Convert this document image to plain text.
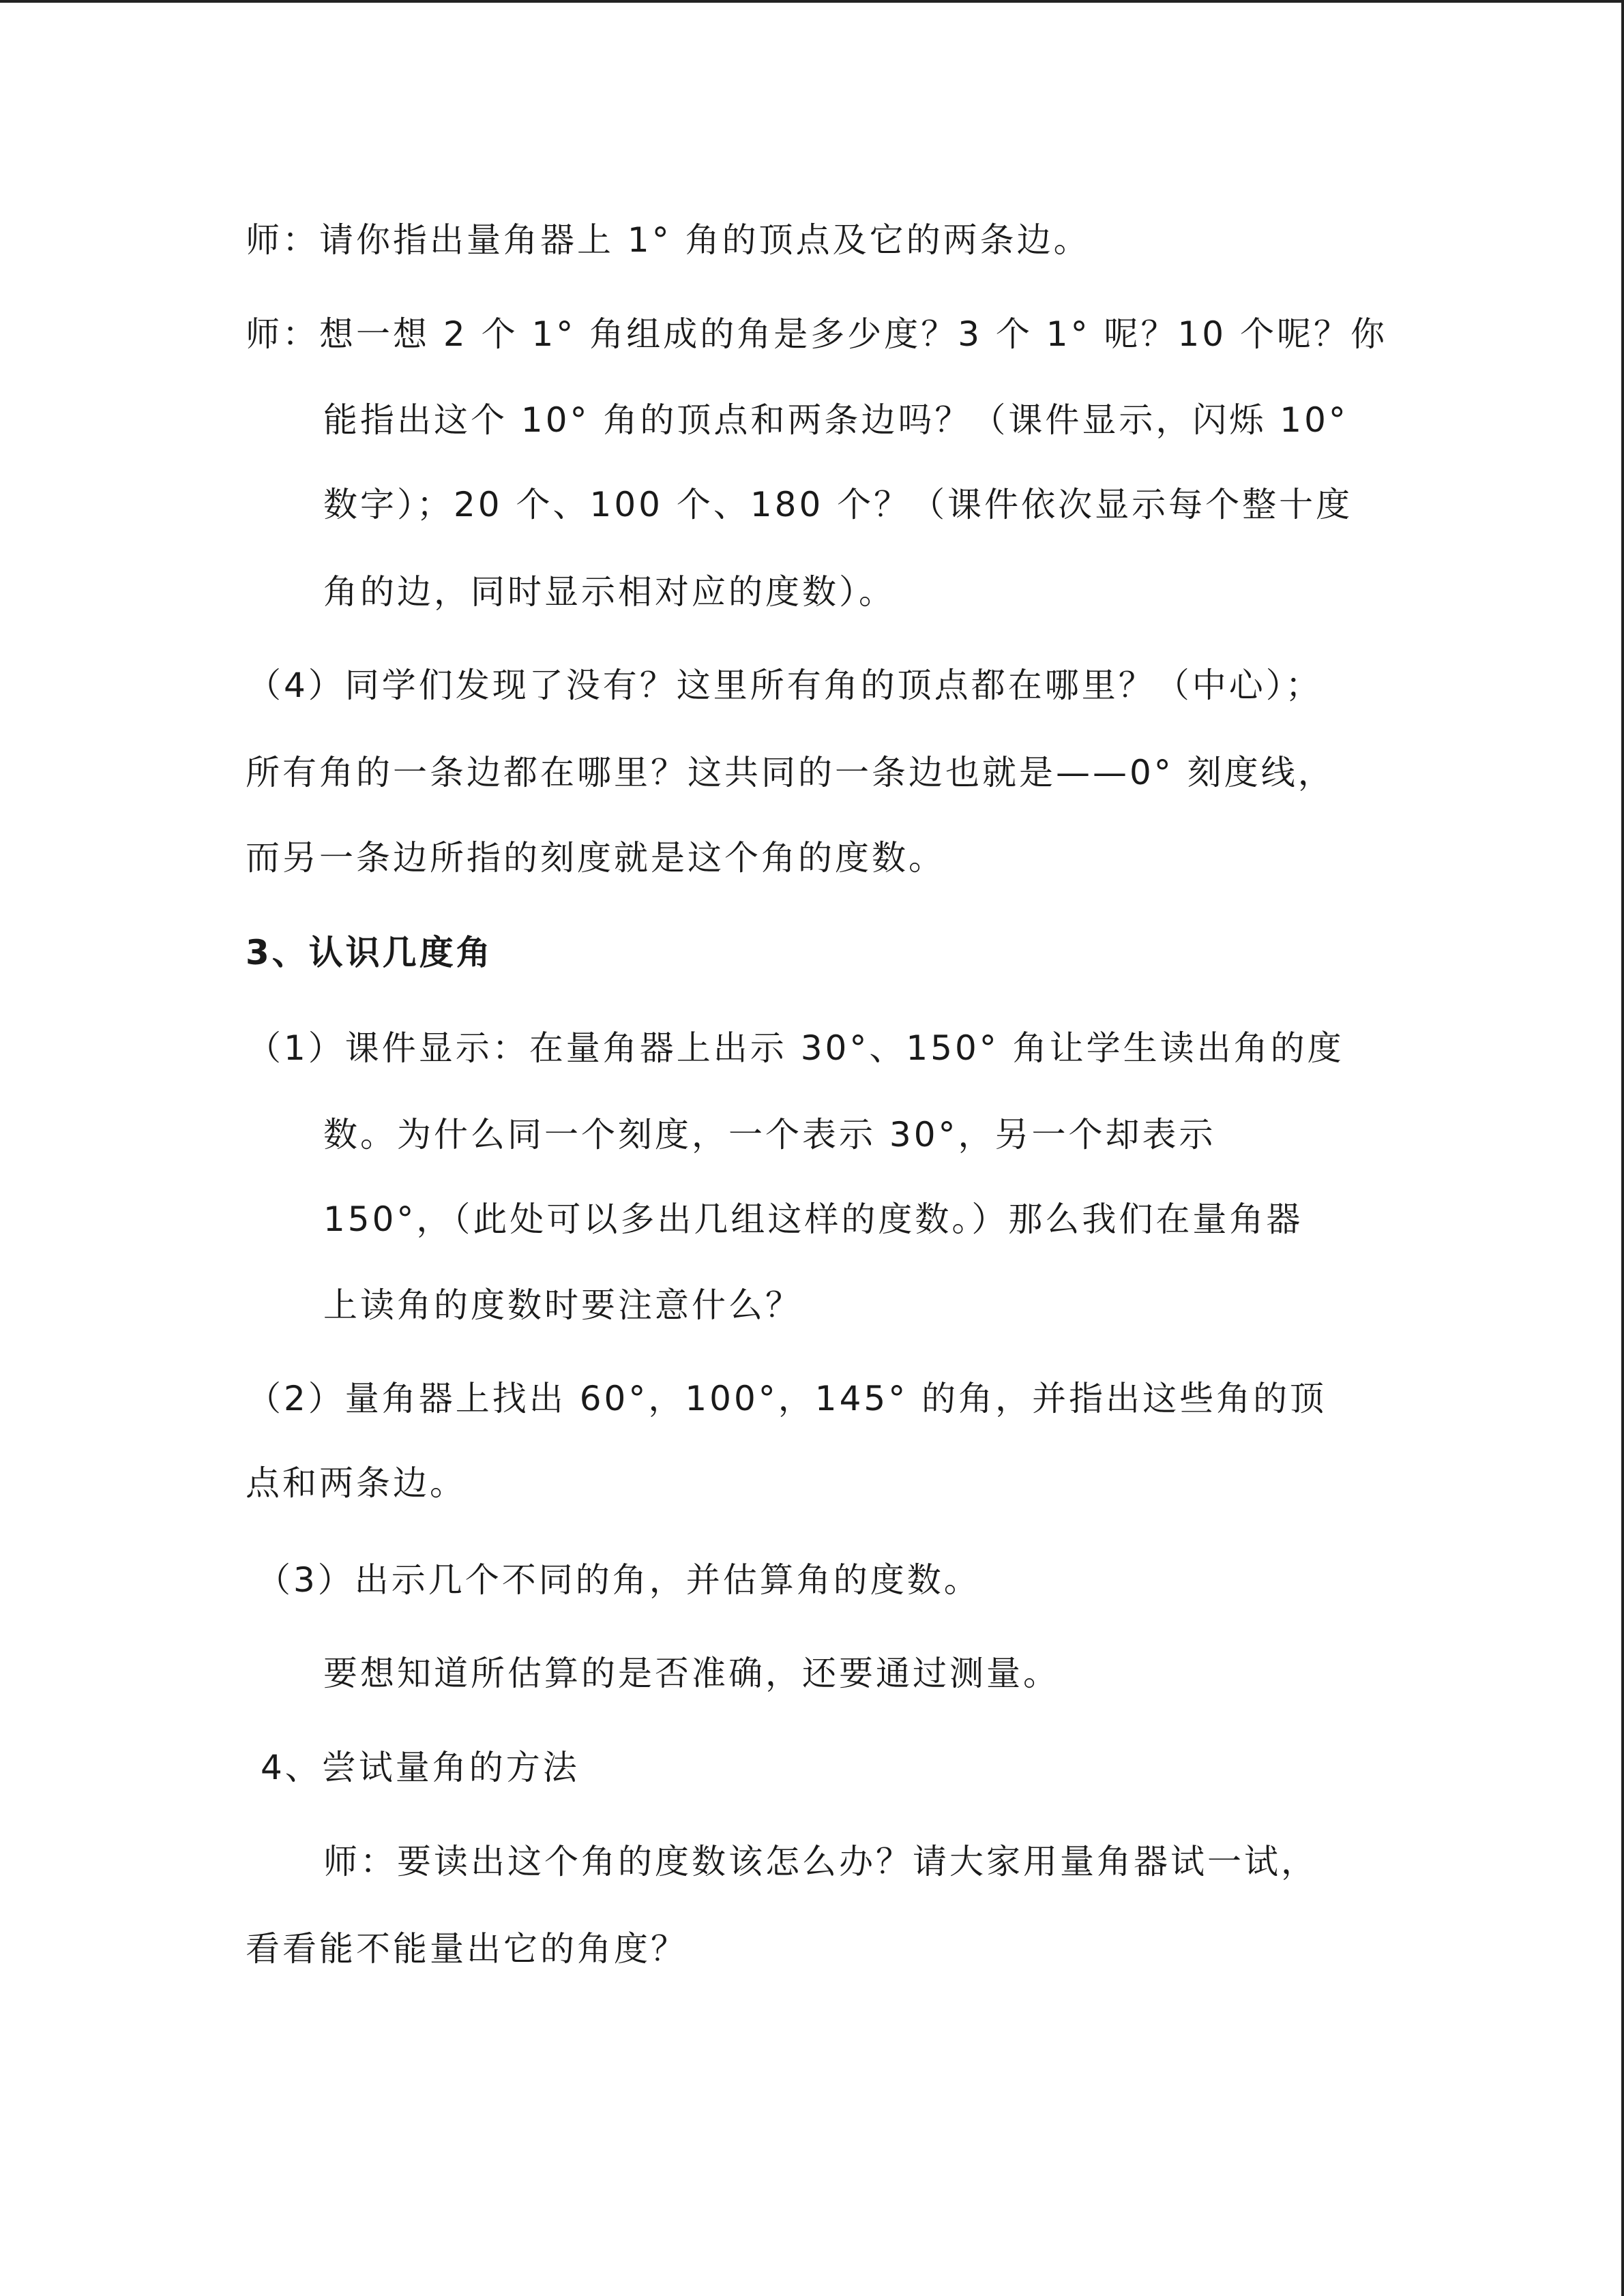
师：请你指出量角器上 1° 角的顶点及它的两条边。
师：想一想 2 个 1° 角组成的角是多少度？3 个 1° 呢？10 个呢？你
能指出这个 10° 角的顶点和两条边吗？（课件显示，闪烁 10°
数字）；20 个、100 个、180 个？（课件依次显示每个整十度
角的边，同时显示相对应的度数）。
（4）同学们发现了没有？这里所有角的顶点都在哪里？（中心）；
所有角的一条边都在哪里？这共同的一条边也就是——0° 刻度线，
而另一条边所指的刻度就是这个角的度数。
3、认识几度角
（1）课件显示：在量角器上出示 30°、150° 角让学生读出角的度
数。为什么同一个刻度，一个表示 30°，另一个却表示
150°，（此处可以多出几组这样的度数。）那么我们在量角器
上读角的度数时要注意什么？
（2）量角器上找出 60°，100°，145° 的角，并指出这些角的顶
点和两条边。
（3）出示几个不同的角，并估算角的度数。
要想知道所估算的是否准确，还要通过测量。
4、尝试量角的方法
师：要读出这个角的度数该怎么办？请大家用量角器试一试，
看看能不能量出它的角度？
